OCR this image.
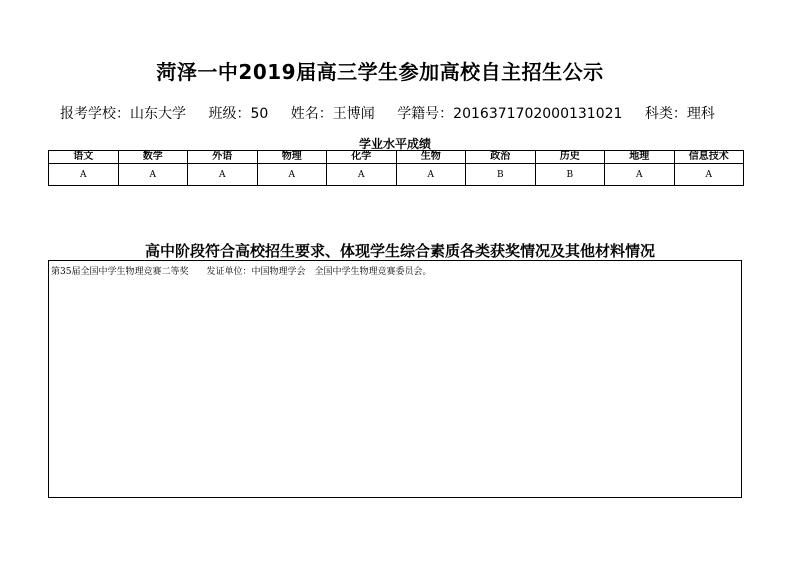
菏泽一中2019届高三学生参加高校自主招生公示
报考学校：山东大学 班级：50 姓名：王博闻 学籍号：2016371702000131021 科类：理科
学业水平成绩
语文	数学	外语	物理	化学	生物	政治	历史	地理	信息技术
A	A	A	A	A	A	B	B	A	A
高中阶段符合高校招生要求、体现学生综合素质各类获奖情况及其他材料情况
第35届全国中学生物理竞赛二等奖 发证单位：中国物理学会　全国中学生物理竞赛委员会。
